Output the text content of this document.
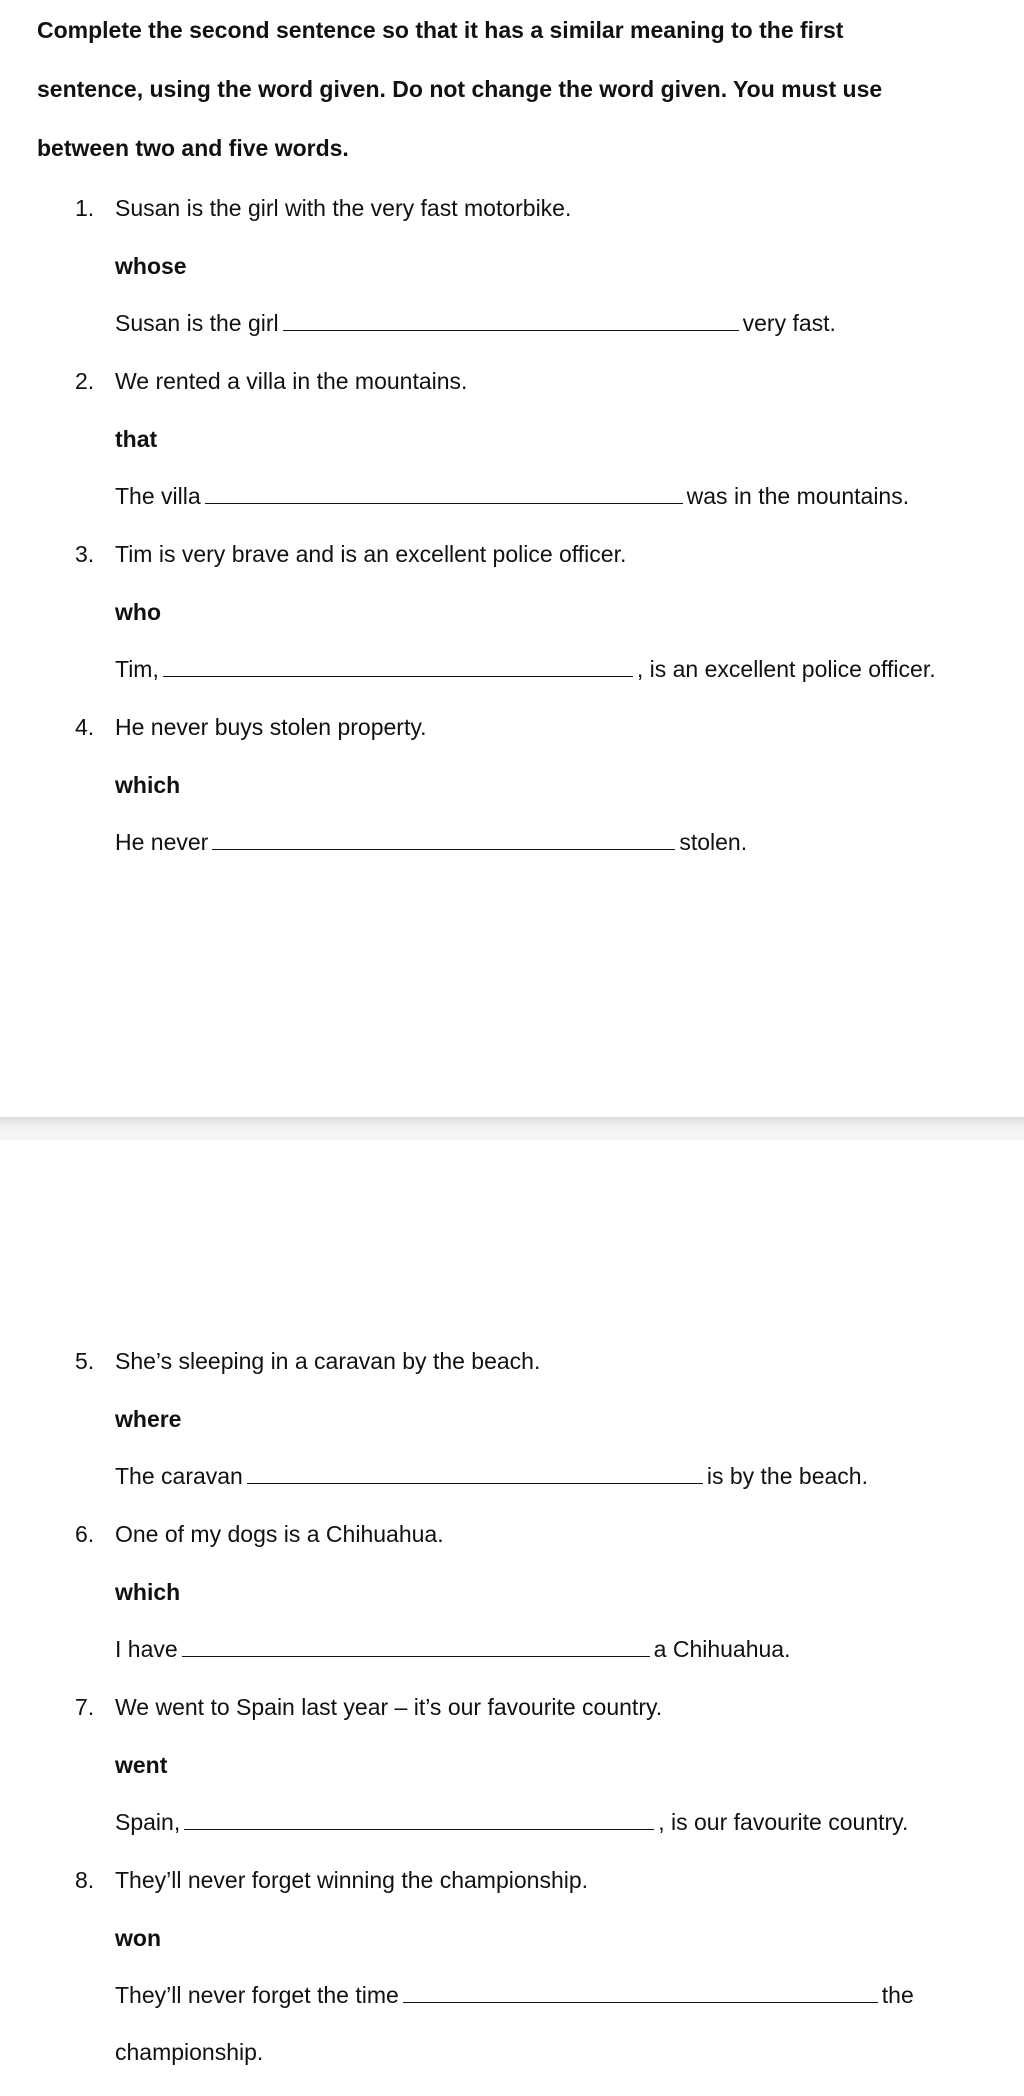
Complete the second sentence so that it has a similar meaning to the first

sentence, using the word given. Do not change the word given. You must use

between two and five words.

1. Susan is the girl with the very fast motorbike.
whose
Susan is the girl	very fast.
2. We rented a villa in the mountains.
that
The villa	was in the mountains.
3. Tim is very brave and is an excellent police officer.
who
Tim,	, is an excellent police officer.
4. He never buys stolen property.
which
He never	stolen.
5. She’s sleeping in a caravan by the beach.
where
The caravan	is by the beach.
6. One of my dogs is a Chihuahua.
which
I have	a Chihuahua.
7. We went to Spain last year – it’s our favourite country.
went
Spain,	, is our favourite country.
8. They’ll never forget winning the championship.
won
They’ll never forget the time	the
championship.
